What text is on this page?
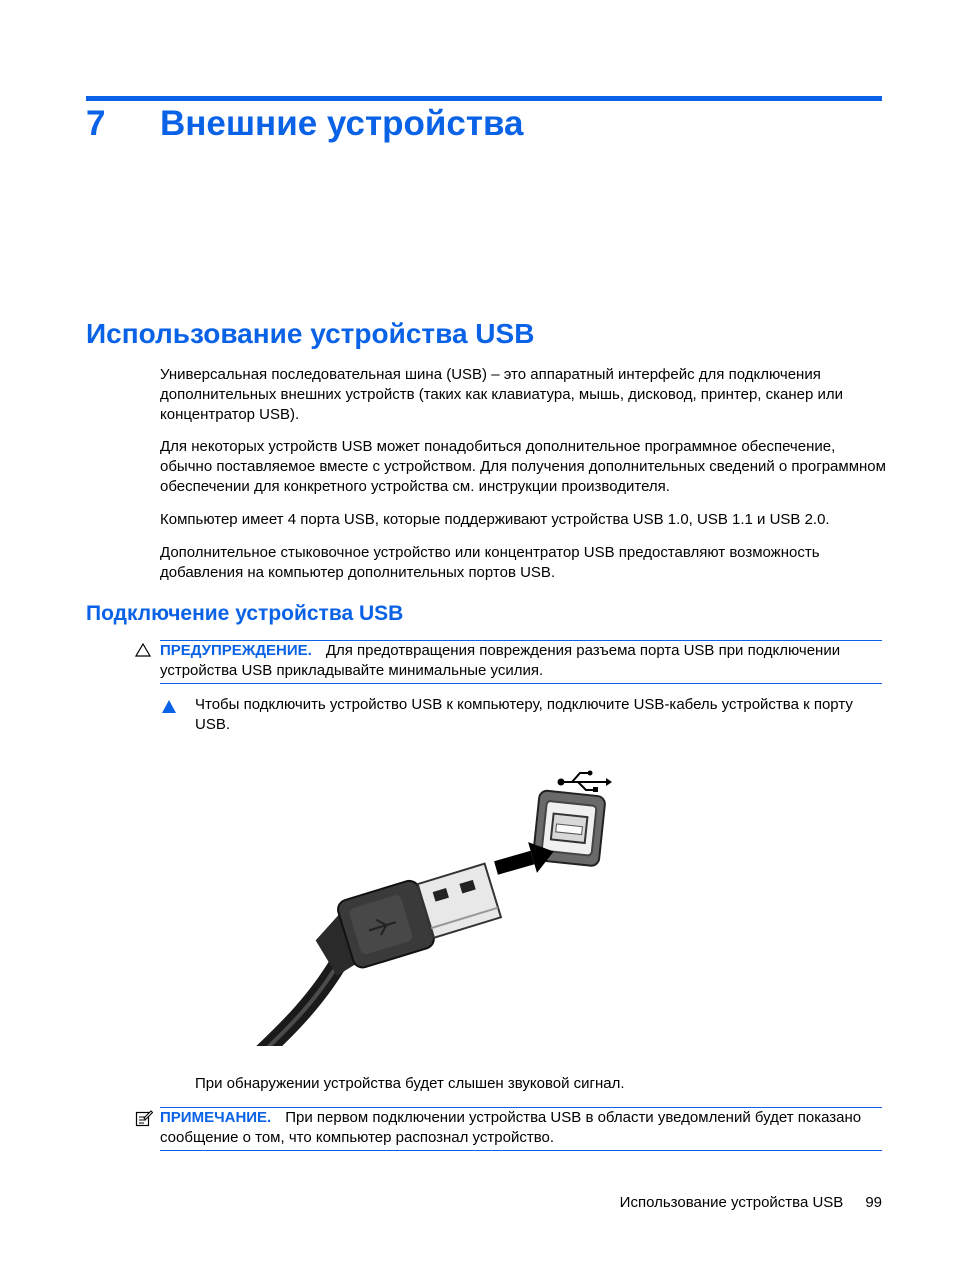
7 Внешние устройства
Использование устройства USB

Универсальная последовательная шина (USB) – это аппаратный интерфейс для подключения дополнительных внешних устройств (таких как клавиатура, мышь, дисковод, принтер, сканер или концентратор USB).

Для некоторых устройств USB может понадобиться дополнительное программное обеспечение, обычно поставляемое вместе с устройством. Для получения дополнительных сведений о программном обеспечении для конкретного устройства см. инструкции производителя.

Компьютер имеет 4 порта USB, которые поддерживают устройства USB 1.0, USB 1.1 и USB 2.0.

Дополнительное стыковочное устройство или концентратор USB предоставляют возможность добавления на компьютер дополнительных портов USB.

Подключение устройства USB
ПРЕДУПРЕЖДЕНИЕ. Для предотвращения повреждения разъема порта USB при подключении устройства USB прикладывайте минимальные усилия.

Чтобы подключить устройство USB к компьютеру, подключите USB-кабель устройства к порту USB.

При обнаружении устройства будет слышен звуковой сигнал.

ПРИМЕЧАНИЕ. При первом подключении устройства USB в области уведомлений будет показано сообщение о том, что компьютер распознал устройство.
Использование устройства USB 99
